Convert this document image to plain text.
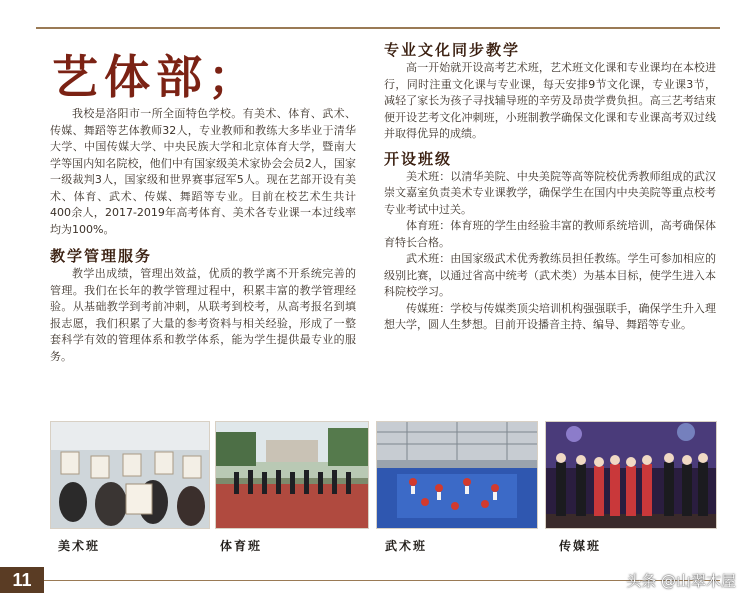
艺体部；

我校是洛阳市一所全面特色学校。有美术、体育、武术、传媒、舞蹈等艺体教师32人，专业教师和教练大多毕业于清华大学、中国传媒大学、中央民族大学和北京体育大学，暨南大学等国内知名院校，他们中有国家级美术家协会会员2人，国家一级裁判3人，国家级和世界赛事冠军5人。现在艺部开设有美术、体育、武术、传媒、舞蹈等专业。目前在校艺术生共计400余人，2017-2019年高考体育、美术各专业课一本过线率均为100%。

教学管理服务

教学出成绩，管理出效益，优质的教学离不开系统完善的管理。我们在长年的教学管理过程中，积累丰富的教学管理经验。从基础教学到考前冲刺，从联考到校考，从高考报名到填报志愿，我们积累了大量的参考资料与相关经验，形成了一整套科学有效的管理体系和教学体系，能为学生提供最专业的服务。

专业文化同步教学

高一开始就开设高考艺术班，艺术班文化课和专业课均在本校进行，同时注重文化课与专业课，每天安排9节文化课，专业课3节，减轻了家长为孩子寻找辅导班的辛劳及昂贵学费负担。高三艺考结束便开设艺考文化冲刺班，小班制教学确保文化课和专业课高考双过线并取得优异的成绩。

开设班级

美术班：以清华美院、中央美院等高等院校优秀教师组成的武汉崇文嘉室负责美术专业课教学，确保学生在国内中央美院等重点校考专业考试中过关。

体育班：体育班的学生由经验丰富的教师系统培训，高考确保体育特长合格。

武术班：由国家级武术优秀教练员担任教练。学生可参加相应的级别比赛，以通过省高中统考（武术类）为基本目标，使学生进入本科院校学习。

传媒班：学校与传媒类顶尖培训机构强强联手，确保学生升入理想大学，圆人生梦想。目前开设播音主持、编导、舞蹈等专业。

美术班	体育班	武术班	传媒班
11	头条 @山翠木屋
